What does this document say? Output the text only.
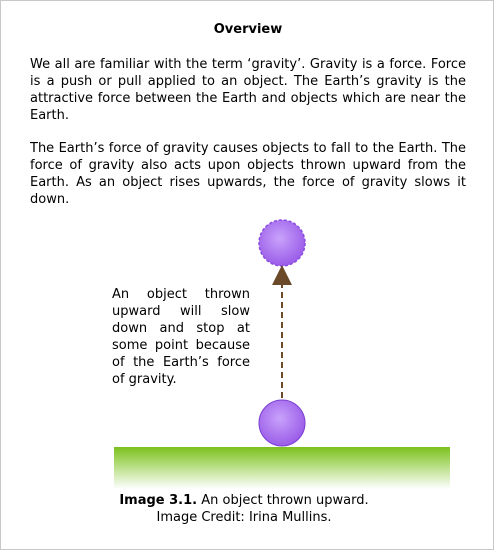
Overview

We all are familiar with the term ‘gravity’. Gravity is a force. Force is a push or pull applied to an object. The Earth’s gravity is the attractive force between the Earth and objects which are near the Earth.

The Earth’s force of gravity causes objects to fall to the Earth. The force of gravity also acts upon objects thrown upward from the Earth. As an object rises upwards, the force of gravity slows it down.

An object thrown upward will slow down and stop at some point because of the Earth’s force of gravity.

Image 3.1. An object thrown upward.
Image Credit: Irina Mullins.
